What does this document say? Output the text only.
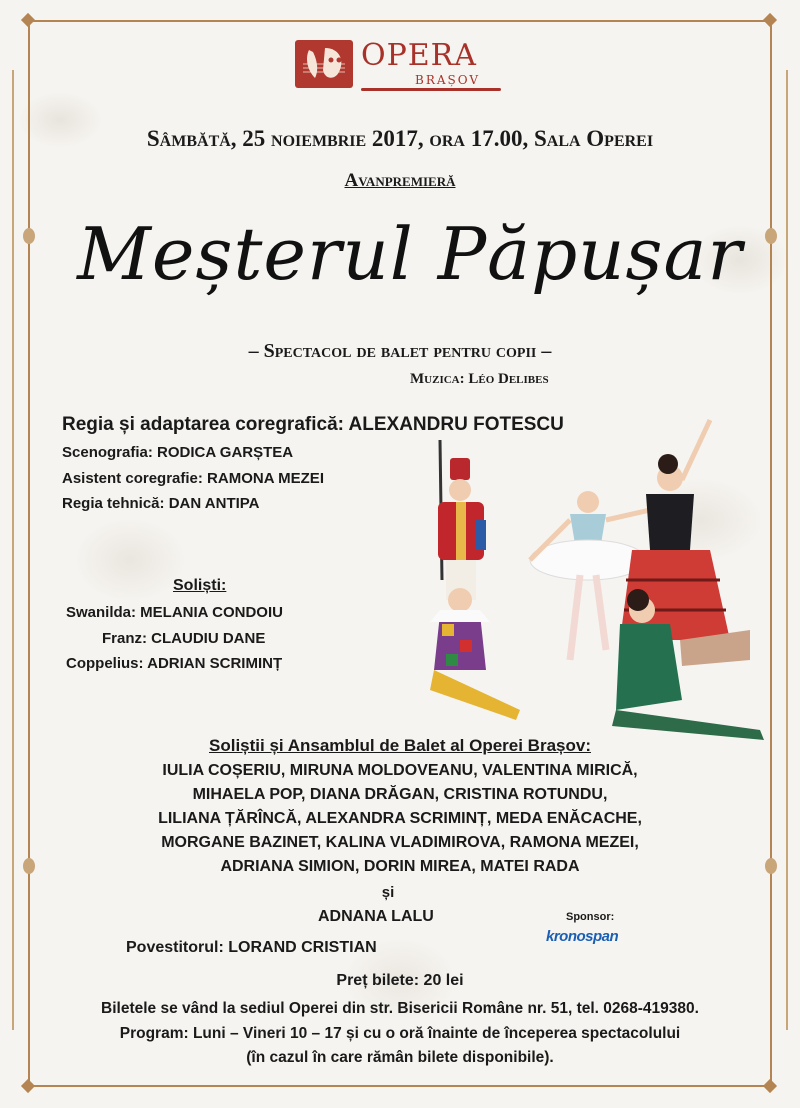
OPERA
BRAȘOV
Sâmbătă, 25 noiembrie 2017, ora 17.00, Sala Operei
Avanpremieră
Meșterul Păpușar
– Spectacol de balet pentru copii –
Muzica: Léo Delibes
Regia și adaptarea coregrafică: ALEXANDRU FOTESCU
Scenografia: RODICA GARȘTEA
Asistent coregrafie: RAMONA MEZEI
Regia tehnică: DAN ANTIPA
Soliști:
Swanilda: MELANIA CONDOIU
Franz: CLAUDIU DANE
Coppelius: ADRIAN SCRIMINȚ
Soliștii și Ansamblul de Balet al Operei Brașov:
IULIA COȘERIU, MIRUNA MOLDOVEANU, VALENTINA MIRICĂ,
MIHAELA POP, DIANA DRĂGAN, CRISTINA ROTUNDU,
LILIANA ȚĂRÎNCĂ, ALEXANDRA SCRIMINȚ, MEDA ENĂCACHE,
MORGANE BAZINET, KALINA VLADIMIROVA, RAMONA MEZEI,
ADRIANA SIMION, DORIN MIREA, MATEI RADA
și
ADNANA LALU
Povestitorul: LORAND CRISTIAN
Sponsor:
kronospan
Preț bilete: 20 lei
Biletele se vând la sediul Operei din str. Bisericii Române nr. 51, tel. 0268-419380.
Program: Luni – Vineri 10 – 17 și cu o oră înainte de începerea spectacolului
(în cazul în care rămân bilete disponibile).
